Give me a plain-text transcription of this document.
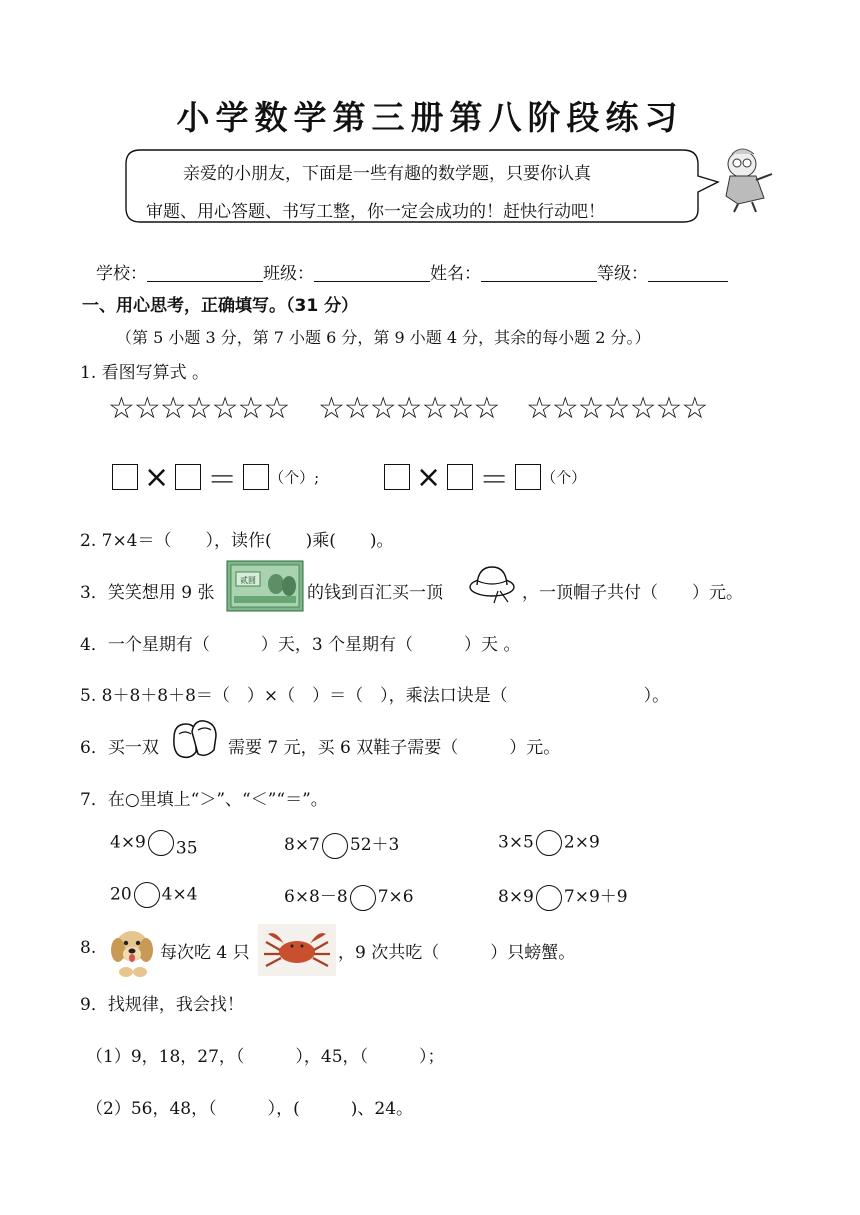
小学数学第三册第八阶段练习
亲爱的小朋友，下面是一些有趣的数学题，只要你认真
审题、用心答题、书写工整，你一定会成功的！赶快行动吧！
学校：	班级：	姓名：	等级：
一、用心思考，正确填写。（31 分）
（第 5 小题 3 分，第 7 小题 6 分，第 9 小题 4 分，其余的每小题 2 分。）
1. 看图写算式 。
☆☆☆☆☆☆☆ ☆☆☆☆☆☆☆ ☆☆☆☆☆☆☆
× ＝ （个）;	× ＝ （个）
2. 7×4＝（　　），读作(　　)乘(　　)。
3．笑笑想用 9 张
贰圆
的钱到百汇买一顶	，一顶帽子共付（　　）元。
4．一个星期有（　　　）天，3 个星期有（　　　）天 。
5. 8＋8＋8＋8＝（　）×（　）＝（　），乘法口诀是（　　　　　　　　）。
6．买一双	需要 7 元，买 6 双鞋子需要（　　　）元。
7．在○里填上“＞”、“＜”“＝”。
4×9 35	8×7 52＋3	3×5 2×9
20 4×4	6×8－8 7×6	8×9 7×9＋9
8.	每次吃 4 只	，9 次共吃（　　　）只螃蟹。
9．找规律，我会找！
（1）9，18，27，（　　　），45，（　　　）；
（2）56，48，（　　　），(　　　)、24。
